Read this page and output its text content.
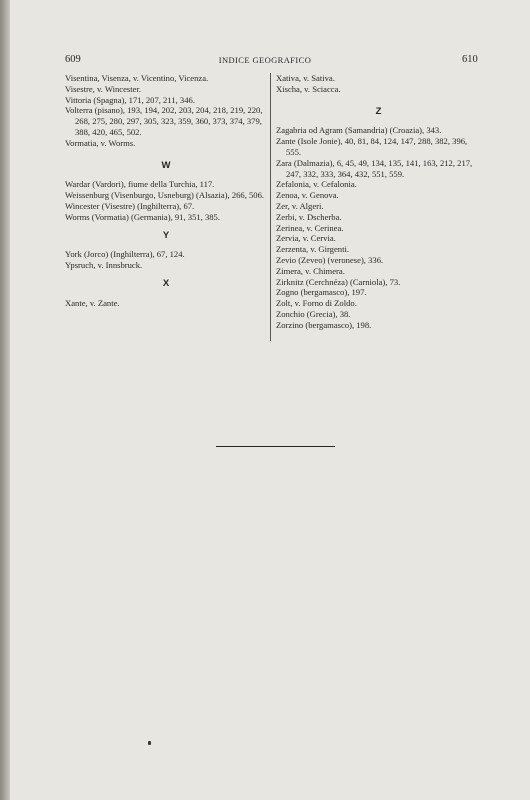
609	INDICE GEOGRAFICO	610

Visentina, Visenza, v. Vicentino, Vicenza.

Visestre, v. Wincester.

Vittoria (Spagna), 171, 207, 211, 346.

Volterra (pisano), 193, 194, 202, 203, 204, 218, 219, 220, 268, 275, 280, 297, 305, 323, 359, 360, 373, 374, 379, 388, 420, 465, 502.

Vormatia, v. Worms.

W

Wardar (Vardori), fiume della Turchia, 117.

Weissenburg (Visenburgo, Usneburg) (Alsazia), 266, 506.

Wincester (Visestre) (Inghilterra), 67.

Worms (Vormatia) (Germania), 91, 351, 385.

Y

York (Jorco) (Inghilterra), 67, 124.

Ypsruch, v. Innsbruck.

X

Xante, v. Zante.

Xativa, v. Sativa.

Xischa, v. Sciacca.

Z

Zagabria od Agram (Samandria) (Croazia), 343.

Zante (Isole Jonie), 40, 81, 84, 124, 147, 288, 382, 396, 555.

Zara (Dalmazia), 6, 45, 49, 134, 135, 141, 163, 212, 217, 247, 332, 333, 364, 432, 551, 559.

Zefalonia, v. Cefalonia.

Zenoa, v. Genova.

Zer, v. Algeri.

Zerbi, v. Dscherba.

Zerinea, v. Cerinea.

Zervia, v. Cervia.

Zerzenta, v. Girgenti.

Zevio (Zeveo) (veronese), 336.

Zimera, v. Chimera.

Zirknitz (Cerchnéza) (Carniola), 73.

Zogno (bergamasco), 197.

Zolt, v. Forno di Zoldo.

Zonchio (Grecia), 38.

Zorzino (bergamasco), 198.
